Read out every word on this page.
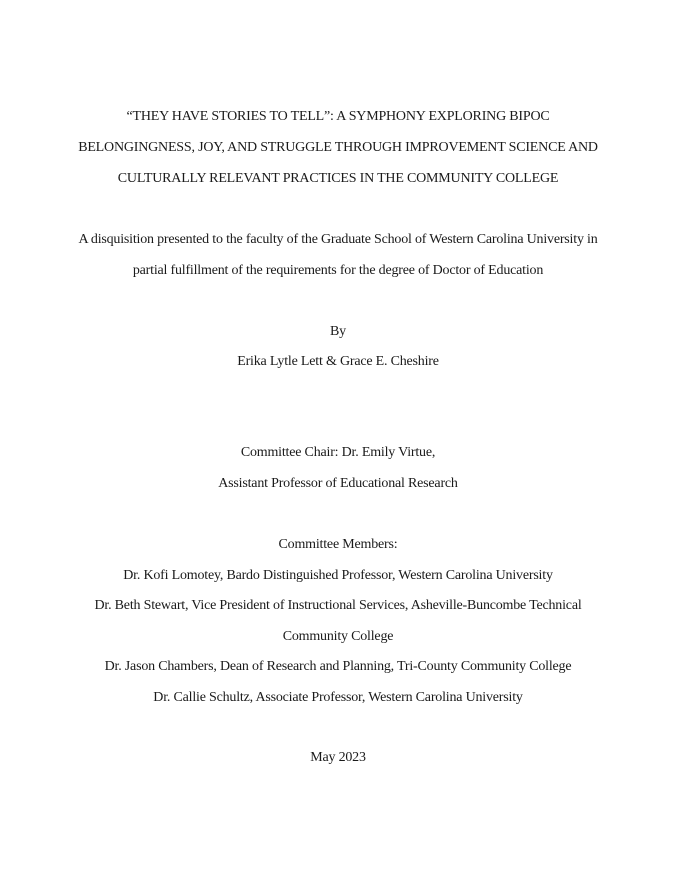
“THEY HAVE STORIES TO TELL”: A SYMPHONY EXPLORING BIPOC
BELONGINGNESS, JOY, AND STRUGGLE THROUGH IMPROVEMENT SCIENCE AND
CULTURALLY RELEVANT PRACTICES IN THE COMMUNITY COLLEGE
A disquisition presented to the faculty of the Graduate School of Western Carolina University in
partial fulfillment of the requirements for the degree of Doctor of Education
By
Erika Lytle Lett & Grace E. Cheshire
Committee Chair: Dr. Emily Virtue,
Assistant Professor of Educational Research
Committee Members:
Dr. Kofi Lomotey, Bardo Distinguished Professor, Western Carolina University
Dr. Beth Stewart, Vice President of Instructional Services, Asheville-Buncombe Technical
Community College
Dr. Jason Chambers, Dean of Research and Planning, Tri-County Community College
Dr. Callie Schultz, Associate Professor, Western Carolina University
May 2023
